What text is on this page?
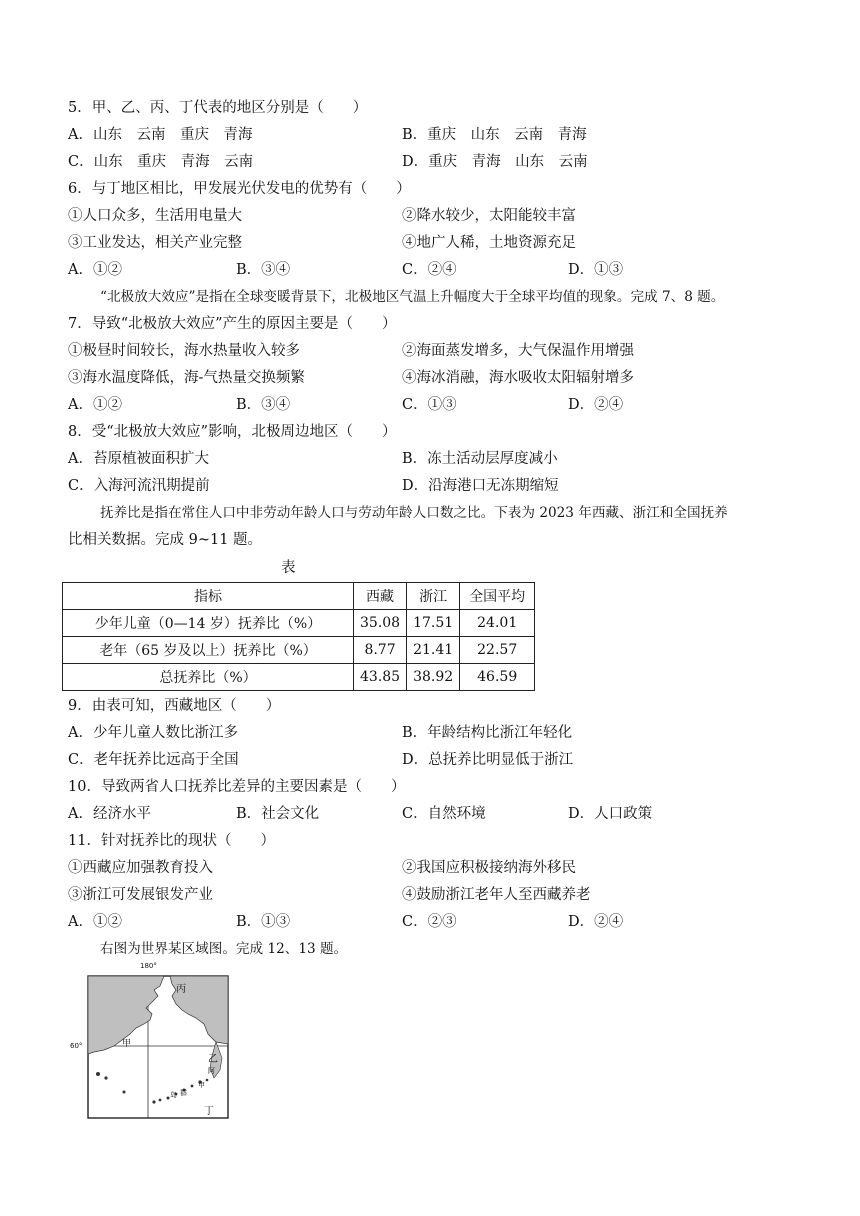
5．甲、乙、丙、丁代表的地区分别是（　　）
A．山东　云南　重庆　青海	B．重庆　山东　云南　青海
C．山东　重庆　青海　云南	D．重庆　青海　山东　云南
6．与丁地区相比，甲发展光伏发电的优势有（　　）
①人口众多，生活用电量大	②降水较少，太阳能较丰富
③工业发达，相关产业完整	④地广人稀，土地资源充足
A．①②	B．③④	C．②④	D．①③
“北极放大效应”是指在全球变暖背景下，北极地区气温上升幅度大于全球平均值的现象。完成 7、8 题。
7．导致“北极放大效应”产生的原因主要是（　　）
①极昼时间较长，海水热量收入较多	②海面蒸发增多，大气保温作用增强
③海水温度降低，海-气热量交换频繁	④海冰消融，海水吸收太阳辐射增多
A．①②	B．③④	C．①③	D．②④
8．受“北极放大效应”影响，北极周边地区（　　）
A．苔原植被面积扩大	B．冻土活动层厚度减小
C．入海河流汛期提前	D．沿海港口无冻期缩短
抚养比是指在常住人口中非劳动年龄人口与劳动年龄人口数之比。下表为 2023 年西藏、浙江和全国抚养
比相关数据。完成 9~11 题。
表
指标	西藏	浙江	全国平均
少年儿童（0—14 岁）抚养比（%）	35.08	17.51	24.01
老年（65 岁及以上）抚养比（%）	8.77	21.41	22.57
总抚养比（%）	43.85	38.92	46.59
9．由表可知，西藏地区（　　）
A．少年儿童人数比浙江多	B．年龄结构比浙江年轻化
C．老年抚养比远高于全国	D．总抚养比明显低于浙江
10．导致两省人口抚养比差异的主要因素是（　　）
A．经济水平	B．社会文化	C．自然环境	D．人口政策
11．针对抚养比的现状（　　）
①西藏应加强教育投入	②我国应积极接纳海外移民
③浙江可发展银发产业	④鼓励浙江老年人至西藏养老
A．①②	B．①③	C．②③	D．②④
右图为世界某区域图。完成 12、13 题。
180°
60°
丙
甲
乙
丁
阿
岛 群
申
